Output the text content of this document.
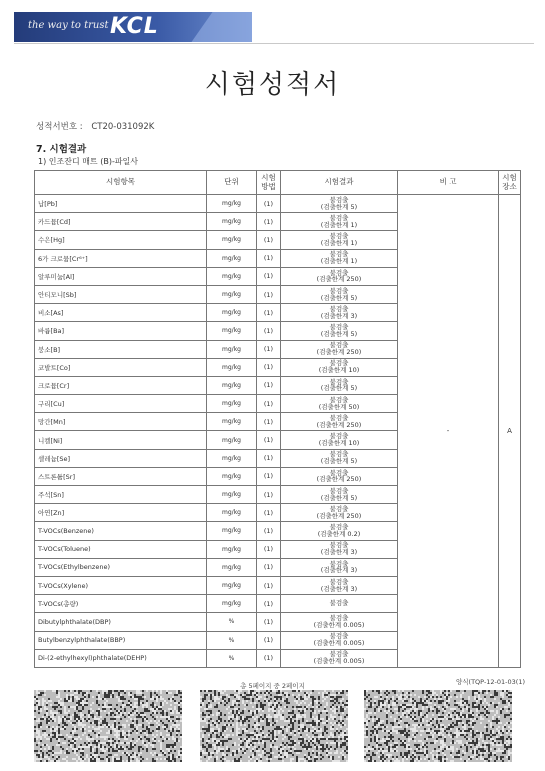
the way to trust KCL
시험성적서
성적서번호 : CT20-031092K
7. 시험결과
1) 인조잔디 매트 (B)-파일사
시험항목	단위	시험 방법	시험결과	비 고	시험 장소
납[Pb]	mg/kg	(1)	불검출
(검출한계 5)	-	A
카드뮴[Cd]	mg/kg	(1)	불검출
(검출한계 1)		

수은[Hg]	mg/kg	(1)	불검출
(검출한계 1)		

6가 크로뮴[Cr⁶⁺]	mg/kg	(1)	불검출
(검출한계 1)		

알루미늄[Al]	mg/kg	(1)	불검출
(검출한계 250)		

안티모니[Sb]	mg/kg	(1)	불검출
(검출한계 5)		

비소[As]	mg/kg	(1)	불검출
(검출한계 3)		

바륨[Ba]	mg/kg	(1)	불검출
(검출한계 5)		

붕소[B]	mg/kg	(1)	불검출
(검출한계 250)		

코발트[Co]	mg/kg	(1)	불검출
(검출한계 10)		

크로뮴[Cr]	mg/kg	(1)	불검출
(검출한계 5)		

구리[Cu]	mg/kg	(1)	불검출
(검출한계 50)		

망간[Mn]	mg/kg	(1)	불검출
(검출한계 250)		

니켈[Ni]	mg/kg	(1)	불검출
(검출한계 10)		

셀레늄[Se]	mg/kg	(1)	불검출
(검출한계 5)		

스트론튬[Sr]	mg/kg	(1)	불검출
(검출한계 250)		

주석[Sn]	mg/kg	(1)	불검출
(검출한계 5)		

아연[Zn]	mg/kg	(1)	불검출
(검출한계 250)		

T-VOCs(Benzene)	mg/kg	(1)	불검출
(검출한계 0.2)		

T-VOCs(Toluene)	mg/kg	(1)	불검출
(검출한계 3)		

T-VOCs(Ethylbenzene)	mg/kg	(1)	불검출
(검출한계 3)		

T-VOCs(Xylene)	mg/kg	(1)	불검출
(검출한계 3)		

T-VOCs(총량)	mg/kg	(1)	불검출		

Dibutylphthalate(DBP)	%	(1)	불검출
(검출한계 0.005)		

Butylbenzylphthalate(BBP)	%	(1)	불검출
(검출한계 0.005)		

Di-(2-ethylhexyl)phthalate(DEHP)	%	(1)	불검출
(검출한계 0.005)		
양식(TQP-12-01-03(1)
총 5페이지 중 2페이지
